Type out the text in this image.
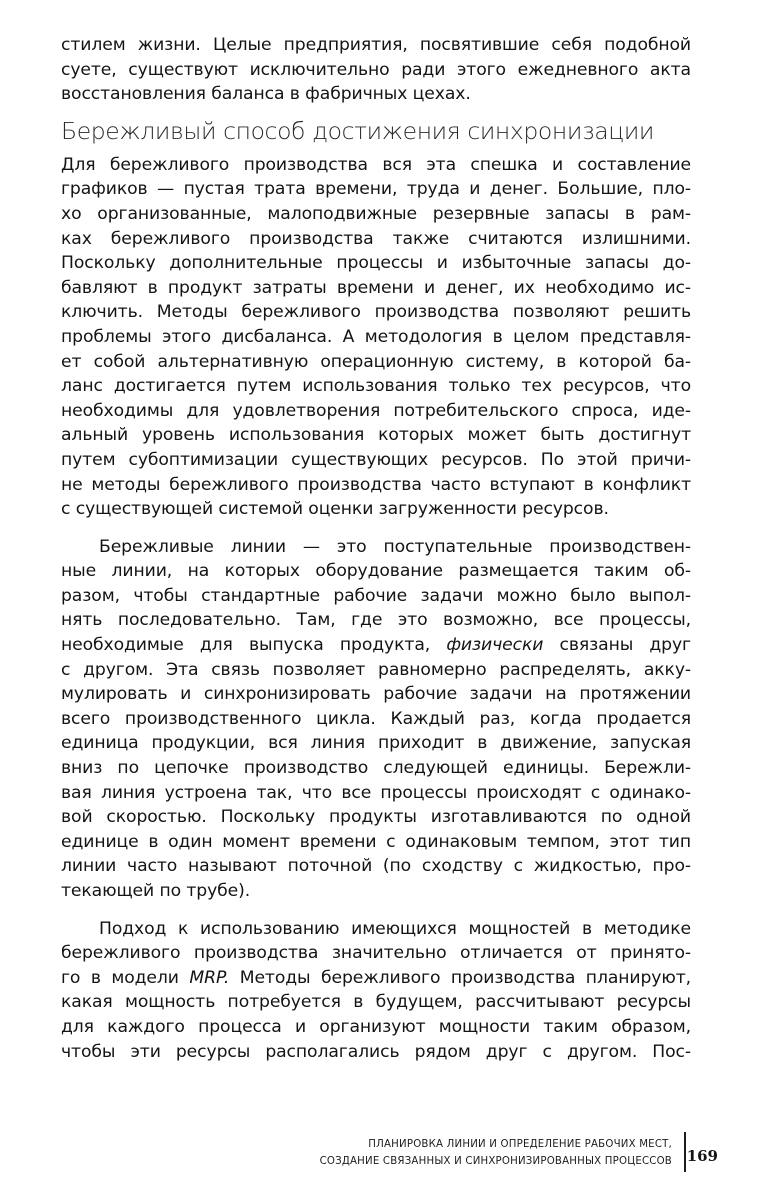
стилем жизни. Целые предприятия, посвятившие себя подобной
суете, существуют исключительно ради этого ежедневного акта
восстановления баланса в фабричных цехах.
Бережливый способ достижения синхронизации
Для бережливого производства вся эта спешка и составление
графиков — пустая трата времени, труда и денег. Большие, пло-
хо организованные, малоподвижные резервные запасы в рам-
ках бережливого производства также считаются излишними.
Поскольку дополнительные процессы и избыточные запасы до-
бавляют в продукт затраты времени и денег, их необходимо ис-
ключить. Методы бережливого производства позволяют решить
проблемы этого дисбаланса. А методология в целом представля-
ет собой альтернативную операционную систему, в которой ба-
ланс достигается путем использования только тех ресурсов, что
необходимы для удовлетворения потребительского спроса, иде-
альный уровень использования которых может быть достигнут
путем субоптимизации существующих ресурсов. По этой причи-
не методы бережливого производства часто вступают в конфликт
с существующей системой оценки загруженности ресурсов.
Бережливые линии — это поступательные производствен-
ные линии, на которых оборудование размещается таким об-
разом, чтобы стандартные рабочие задачи можно было выпол-
нять последовательно. Там, где это возможно, все процессы,
необходимые для выпуска продукта, физически связаны друг
с другом. Эта связь позволяет равномерно распределять, акку-
мулировать и синхронизировать рабочие задачи на протяжении
всего производственного цикла. Каждый раз, когда продается
единица продукции, вся линия приходит в движение, запуская
вниз по цепочке производство следующей единицы. Бережли-
вая линия устроена так, что все процессы происходят с одинако-
вой скоростью. Поскольку продукты изготавливаются по одной
единице в один момент времени с одинаковым темпом, этот тип
линии часто называют поточной (по сходству с жидкостью, про-
текающей по трубе).
Подход к использованию имеющихся мощностей в методике
бережливого производства значительно отличается от принято-
го в модели MRP. Методы бережливого производства планируют,
какая мощность потребуется в будущем, рассчитывают ресурсы
для каждого процесса и организуют мощности таким образом,
чтобы эти ресурсы располагались рядом друг с другом. Пос-
ПЛАНИРОВКА ЛИНИИ И ОПРЕДЕЛЕНИЕ РАБОЧИХ МЕСТ,
СОЗДАНИЕ СВЯЗАННЫХ И СИНХРОНИЗИРОВАННЫХ ПРОЦЕССОВ 169
